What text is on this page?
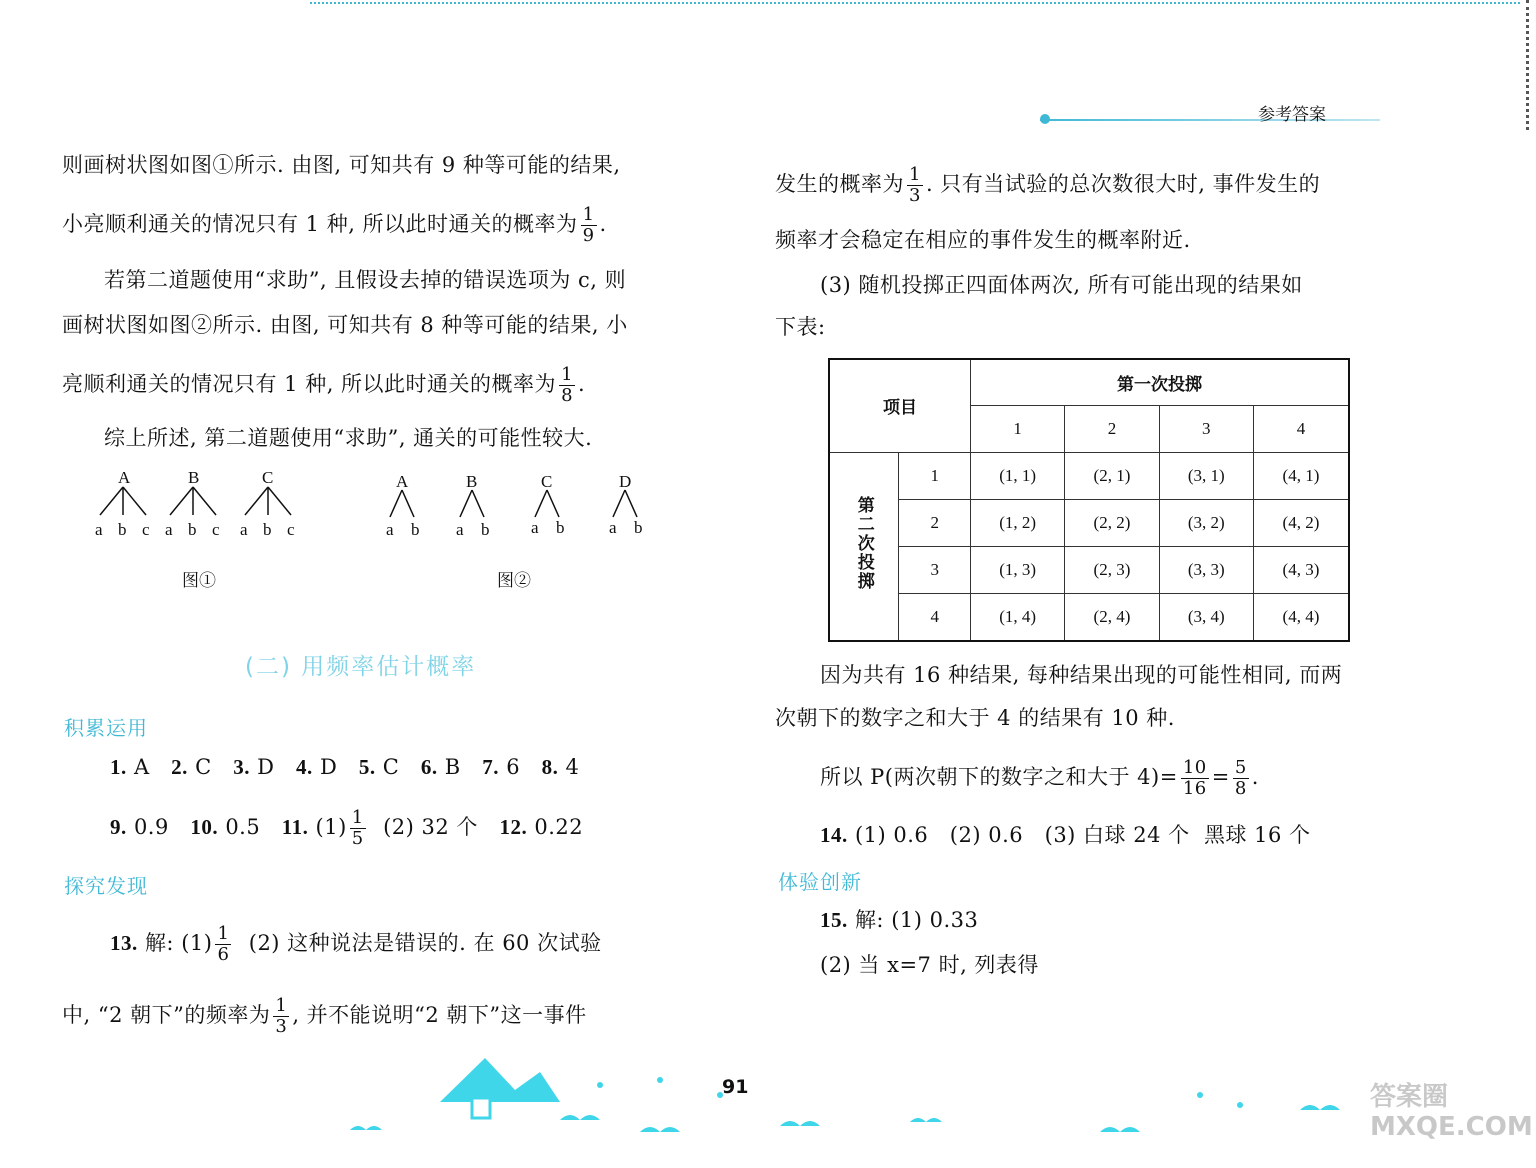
参考答案
则画树状图如图①所示. 由图, 可知共有 9 种等可能的结果,
小亮顺利通关的情况只有 1 种, 所以此时通关的概率为 $\frac{1}{9}$ .
若第二道题使用“求助”, 且假设去掉的错误选项为 c, 则
画树状图如图②所示. 由图, 可知共有 8 种等可能的结果, 小
亮顺利通关的情况只有 1 种, 所以此时通关的概率为 $\frac{1}{8}$ .
综上所述, 第二道题使用“求助”, 通关的可能性较大.
A	B	C
a b c a b c a b c
图①
A	B	C	D
a b a b a b	a b
图②
(二) 用频率估计概率
积累运用
1. A 2. C 3. D 4. D 5. C 6. B 7. 6 8. 4
9. 0.9 10. 0.5 11. $(1) \frac{1}{5} (2)$ 32 个 12. 0.22
探究发现
13. 解: $(1) \frac{1}{6} (2)$ 这种说法是错误的. 在 60 次试验
中, “2 朝下”的频率为 $\frac{1}{3}$ , 并不能说明“2 朝下”这一事件
发生的概率为 $\frac{1}{3}$ . 只有当试验的总次数很大时, 事件发生的
频率才会稳定在相应的事件发生的概率附近.
(3) 随机投掷正四面体两次, 所有可能出现的结果如
下表:
项目		第一次投掷			
		1	2	3	4
第二次投掷	1	(1, 1)	(2, 1)	(3, 1)	(4, 1)
	2	(1, 2)	(2, 2)	(3, 2)	(4, 2)
	3	(1, 3)	(2, 3)	(3, 3)	(4, 3)
	4	(1, 4)	(2, 4)	(3, 4)	(4, 4)
因为共有 16 种结果, 每种结果出现的可能性相同, 而两
次朝下的数字之和大于 4 的结果有 10 种.
所以 P(两次朝下的数字之和大于 $4)= \frac{10}{16} = \frac{5}{8}$ .
14. (1) 0.6   (2) 0.6   (3) 白球 24 个  黑球 16 个
体验创新
15. 解: (1) 0.33
(2) 当 x=7 时, 列表得
91	答案圈 MXQE.COM
